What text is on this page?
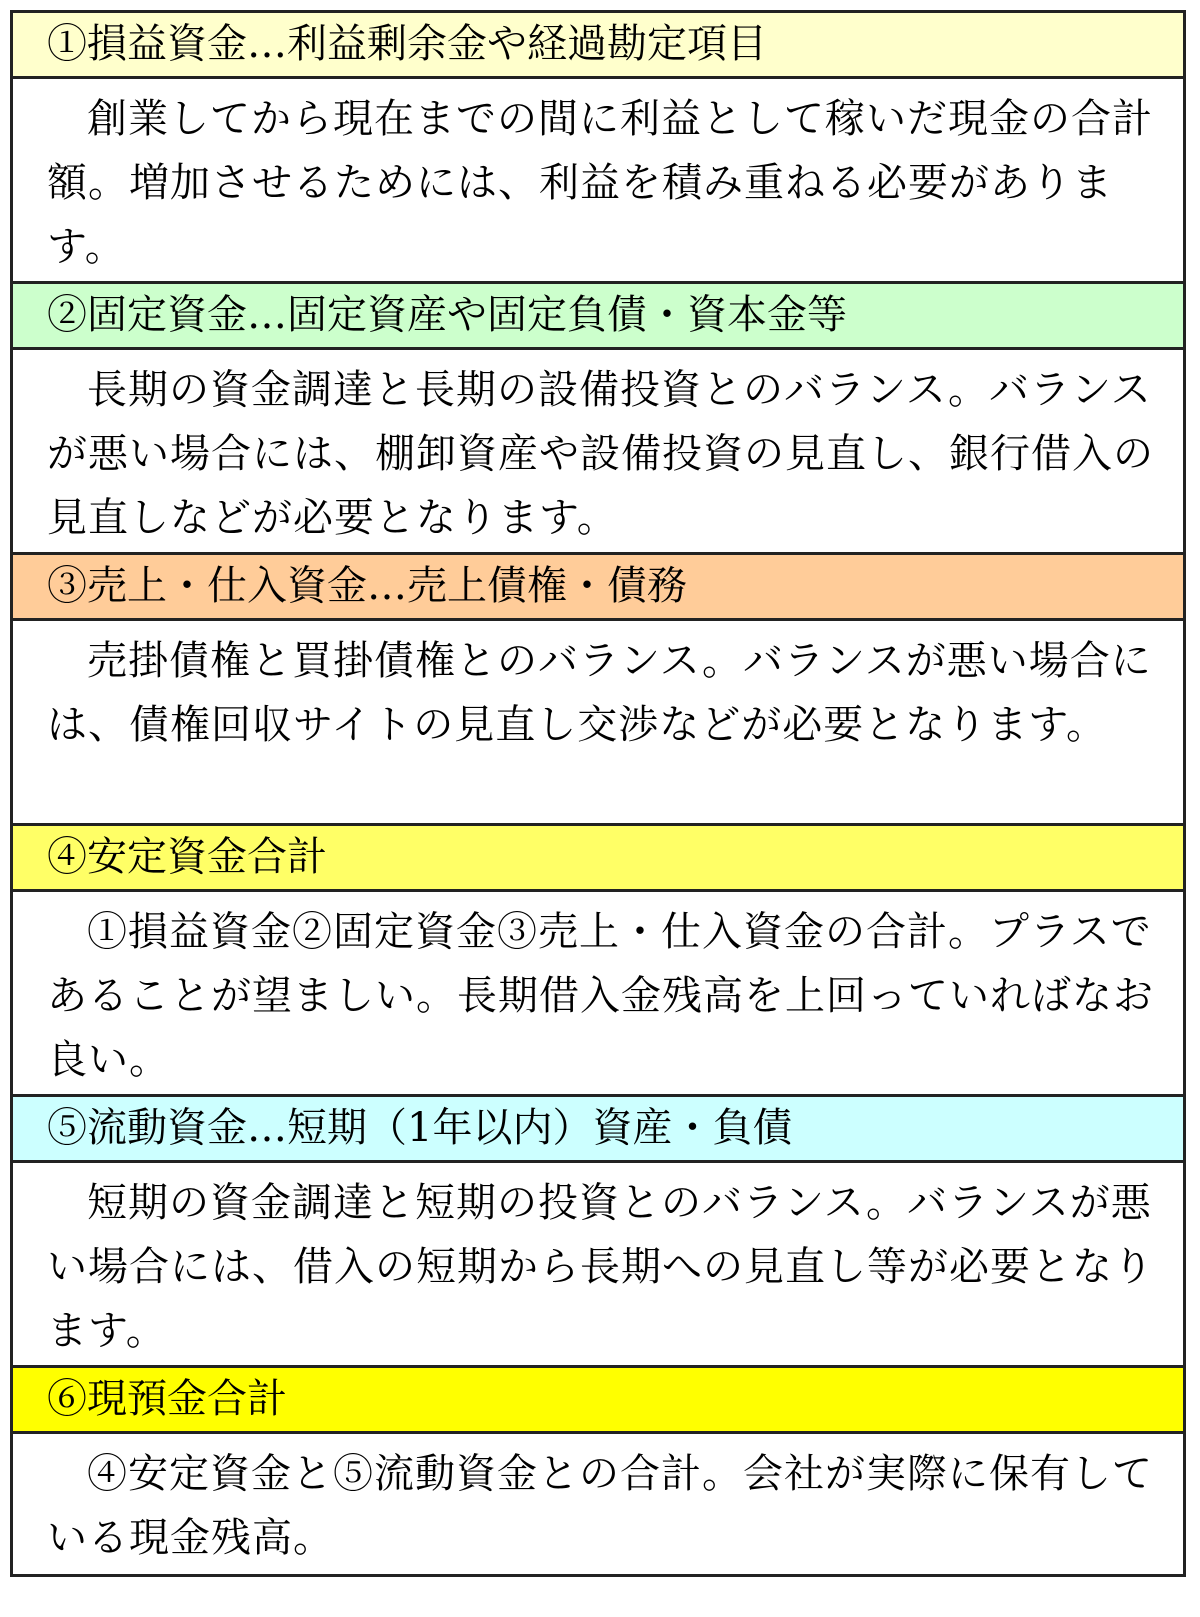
①損益資金…利益剰余金や経過勘定項目
創業してから現在までの間に利益として稼いだ現金の合計額。増加させるためには、利益を積み重ねる必要があります。
②固定資金…固定資産や固定負債・資本金等
長期の資金調達と長期の設備投資とのバランス。バランスが悪い場合には、棚卸資産や設備投資の見直し、銀行借入の見直しなどが必要となります。
③売上・仕入資金…売上債権・債務
売掛債権と買掛債権とのバランス。バランスが悪い場合には、債権回収サイトの見直し交渉などが必要となります。
④安定資金合計
①損益資金②固定資金③売上・仕入資金の合計。プラスであることが望ましい。長期借入金残高を上回っていればなお良い。
⑤流動資金…短期（1年以内）資産・負債
短期の資金調達と短期の投資とのバランス。バランスが悪い場合には、借入の短期から長期への見直し等が必要となります。
⑥現預金合計
④安定資金と⑤流動資金との合計。会社が実際に保有している現金残高。
